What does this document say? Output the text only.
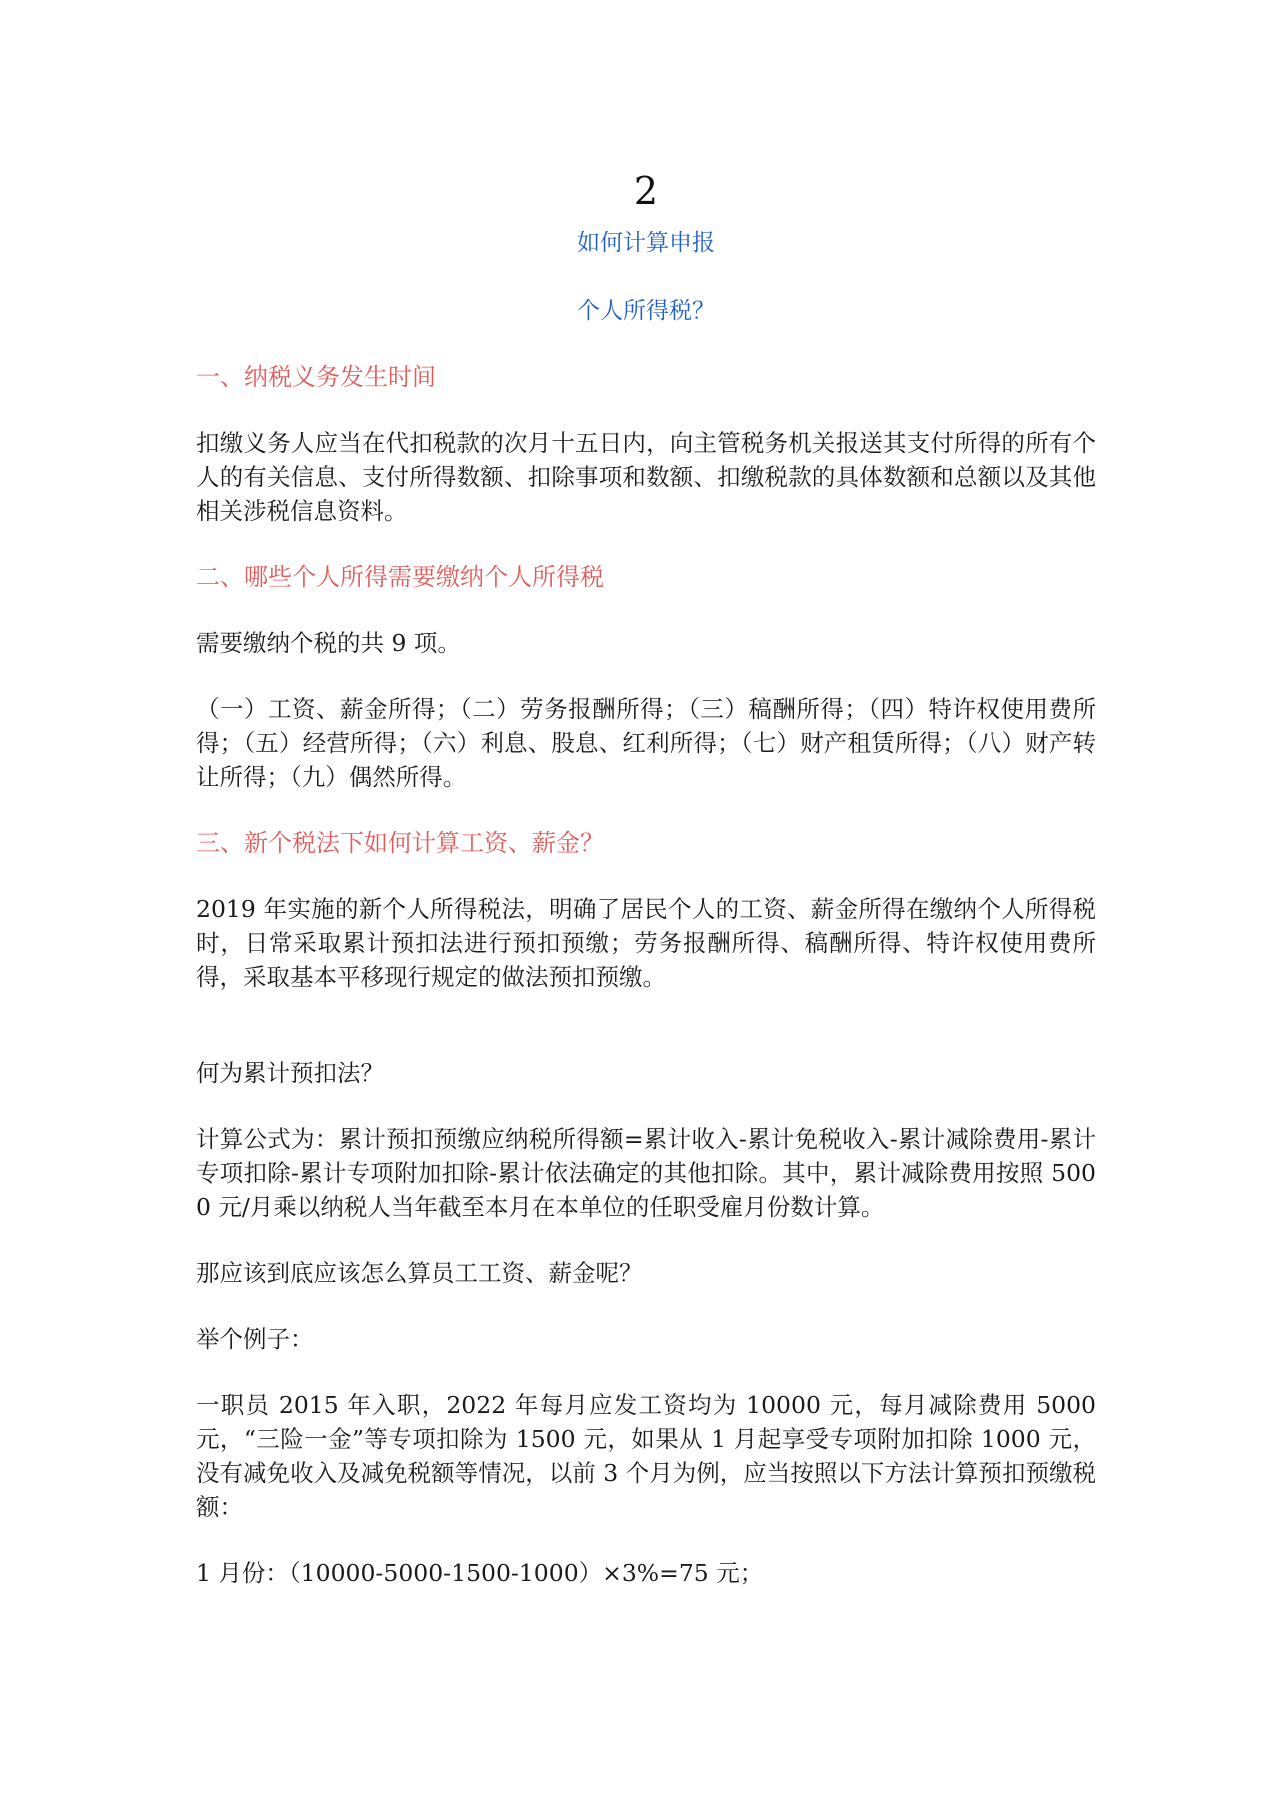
2

如何计算申报

个人所得税？

一、纳税义务发生时间

扣缴义务人应当在代扣税款的次月十五日内，向主管税务机关报送其支付所得的所有个人的有关信息、支付所得数额、扣除事项和数额、扣缴税款的具体数额和总额以及其他相关涉税信息资料。

二、哪些个人所得需要缴纳个人所得税

需要缴纳个税的共 9 项。

（一）工资、薪金所得；（二）劳务报酬所得；（三）稿酬所得；（四）特许权使用费所得；（五）经营所得；（六）利息、股息、红利所得；（七）财产租赁所得；（八）财产转让所得；（九）偶然所得。

三、新个税法下如何计算工资、薪金？

2019 年实施的新个人所得税法，明确了居民个人的工资、薪金所得在缴纳个人所得税时，日常采取累计预扣法进行预扣预缴；劳务报酬所得、稿酬所得、特许权使用费所得，采取基本平移现行规定的做法预扣预缴。

何为累计预扣法？

计算公式为：累计预扣预缴应纳税所得额=累计收入-累计免税收入-累计减除费用-累计专项扣除-累计专项附加扣除-累计依法确定的其他扣除。其中，累计减除费用按照 5000 元/月乘以纳税人当年截至本月在本单位的任职受雇月份数计算。

那应该到底应该怎么算员工工资、薪金呢？

举个例子：

一职员 2015 年入职，2022 年每月应发工资均为 10000 元，每月减除费用 5000 元，“三险一金”等专项扣除为 1500 元，如果从 1 月起享受专项附加扣除 1000 元，没有减免收入及减免税额等情况，以前 3 个月为例，应当按照以下方法计算预扣预缴税额：

1 月份：（10000-5000-1500-1000）×3%=75 元；
